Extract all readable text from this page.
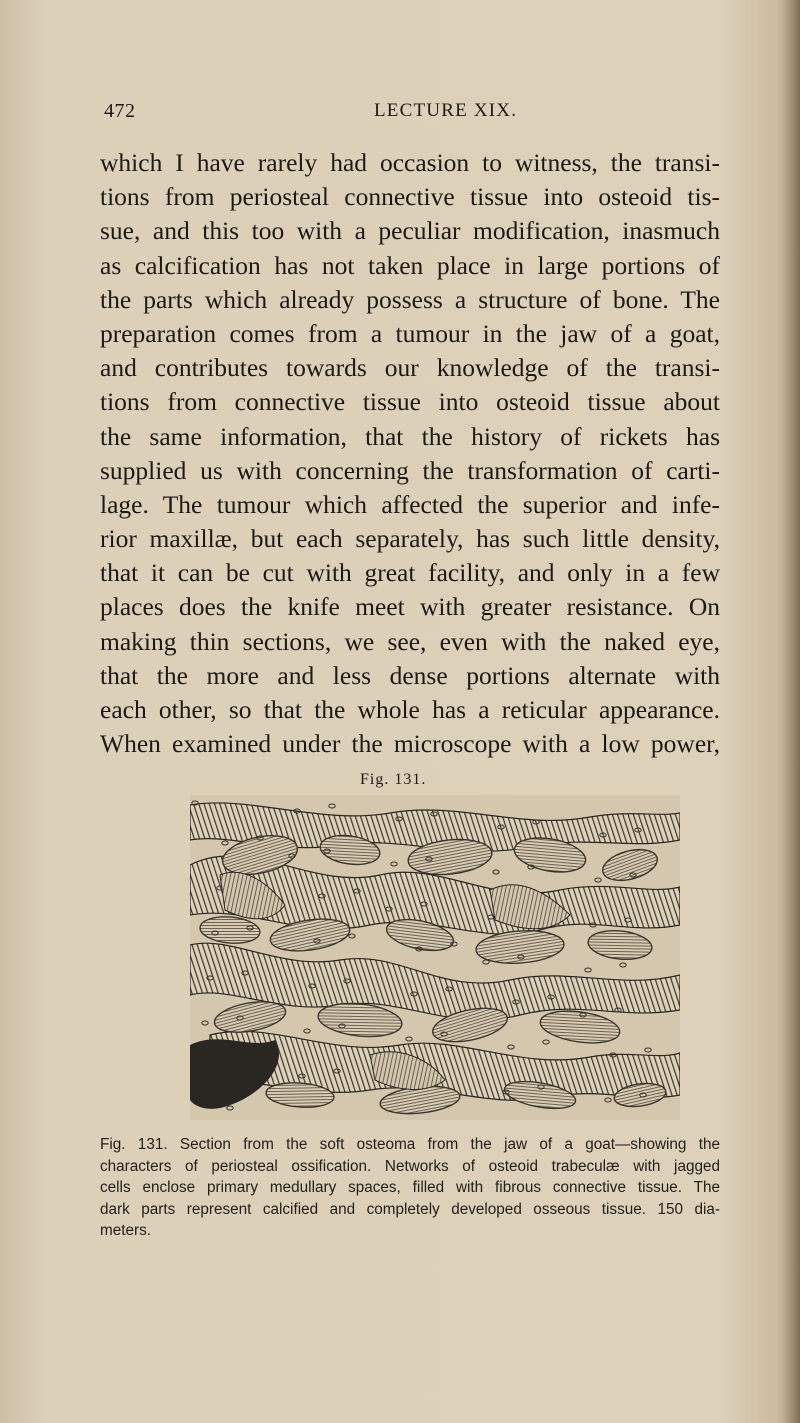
472	LECTURE XIX.
which I have rarely had occasion to witness, the transi-
tions from periosteal connective tissue into osteoid tis-
sue, and this too with a peculiar modification, inasmuch
as calcification has not taken place in large portions of
the parts which already possess a structure of bone. The
preparation comes from a tumour in the jaw of a goat,
and contributes towards our knowledge of the transi-
tions from connective tissue into osteoid tissue about
the same information, that the history of rickets has
supplied us with concerning the transformation of carti-
lage. The tumour which affected the superior and infe-
rior maxillæ, but each separately, has such little density,
that it can be cut with great facility, and only in a few
places does the knife meet with greater resistance. On
making thin sections, we see, even with the naked eye,
that the more and less dense portions alternate with
each other, so that the whole has a reticular appearance.
When examined under the microscope with a low power,
Fig. 131.
Fig. 131. Section from the soft osteoma from the jaw of a goat—showing the
characters of periosteal ossification. Networks of osteoid trabeculæ with jagged
cells enclose primary medullary spaces, filled with fibrous connective tissue. The
dark parts represent calcified and completely developed osseous tissue. 150 dia-
meters.
